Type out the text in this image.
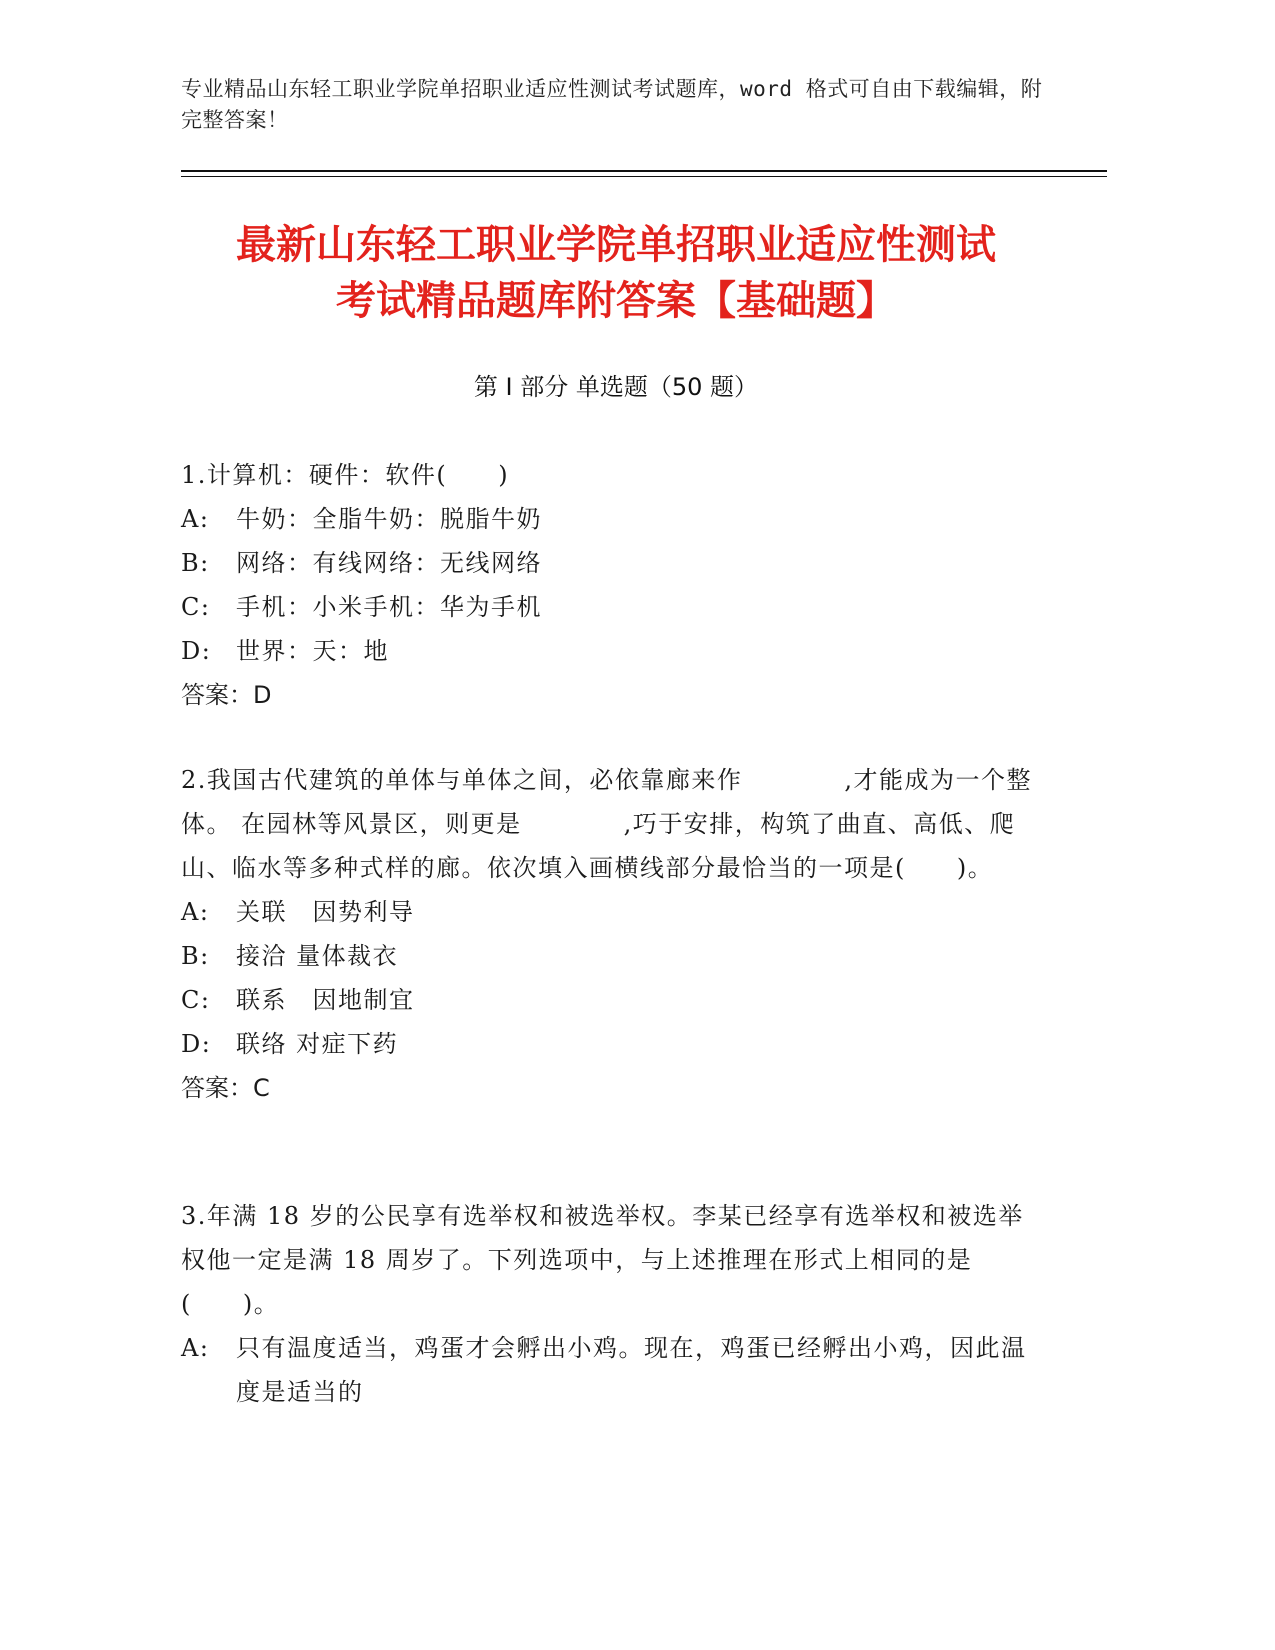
专业精品山东轻工职业学院单招职业适应性测试考试题库，word 格式可自由下载编辑，附完整答案！
最新山东轻工职业学院单招职业适应性测试
考试精品题库附答案【基础题】
第 I 部分 单选题（50 题）
1.计算机：硬件：软件(　　)
A:	牛奶：全脂牛奶：脱脂牛奶
B:	网络：有线网络：无线网络
C:	手机：小米手机：华为手机
D:	世界：天：地
答案：D
2.我国古代建筑的单体与单体之间，必依靠廊来作　　　　,才能成为一个整体。 在园林等风景区，则更是　　　　,巧于安排，构筑了曲直、高低、爬山、临水等多种式样的廊。依次填入画横线部分最恰当的一项是(　　)。
A:	关联　因势利导
B:	接洽 量体裁衣
C:	联系　因地制宜
D:	联络 对症下药
答案：C
3.年满 18 岁的公民享有选举权和被选举权。李某已经享有选举权和被选举权他一定是满 18 周岁了。下列选项中，与上述推理在形式上相同的是(　　)。
A:	只有温度适当，鸡蛋才会孵出小鸡。现在，鸡蛋已经孵出小鸡，因此温度是适当的
